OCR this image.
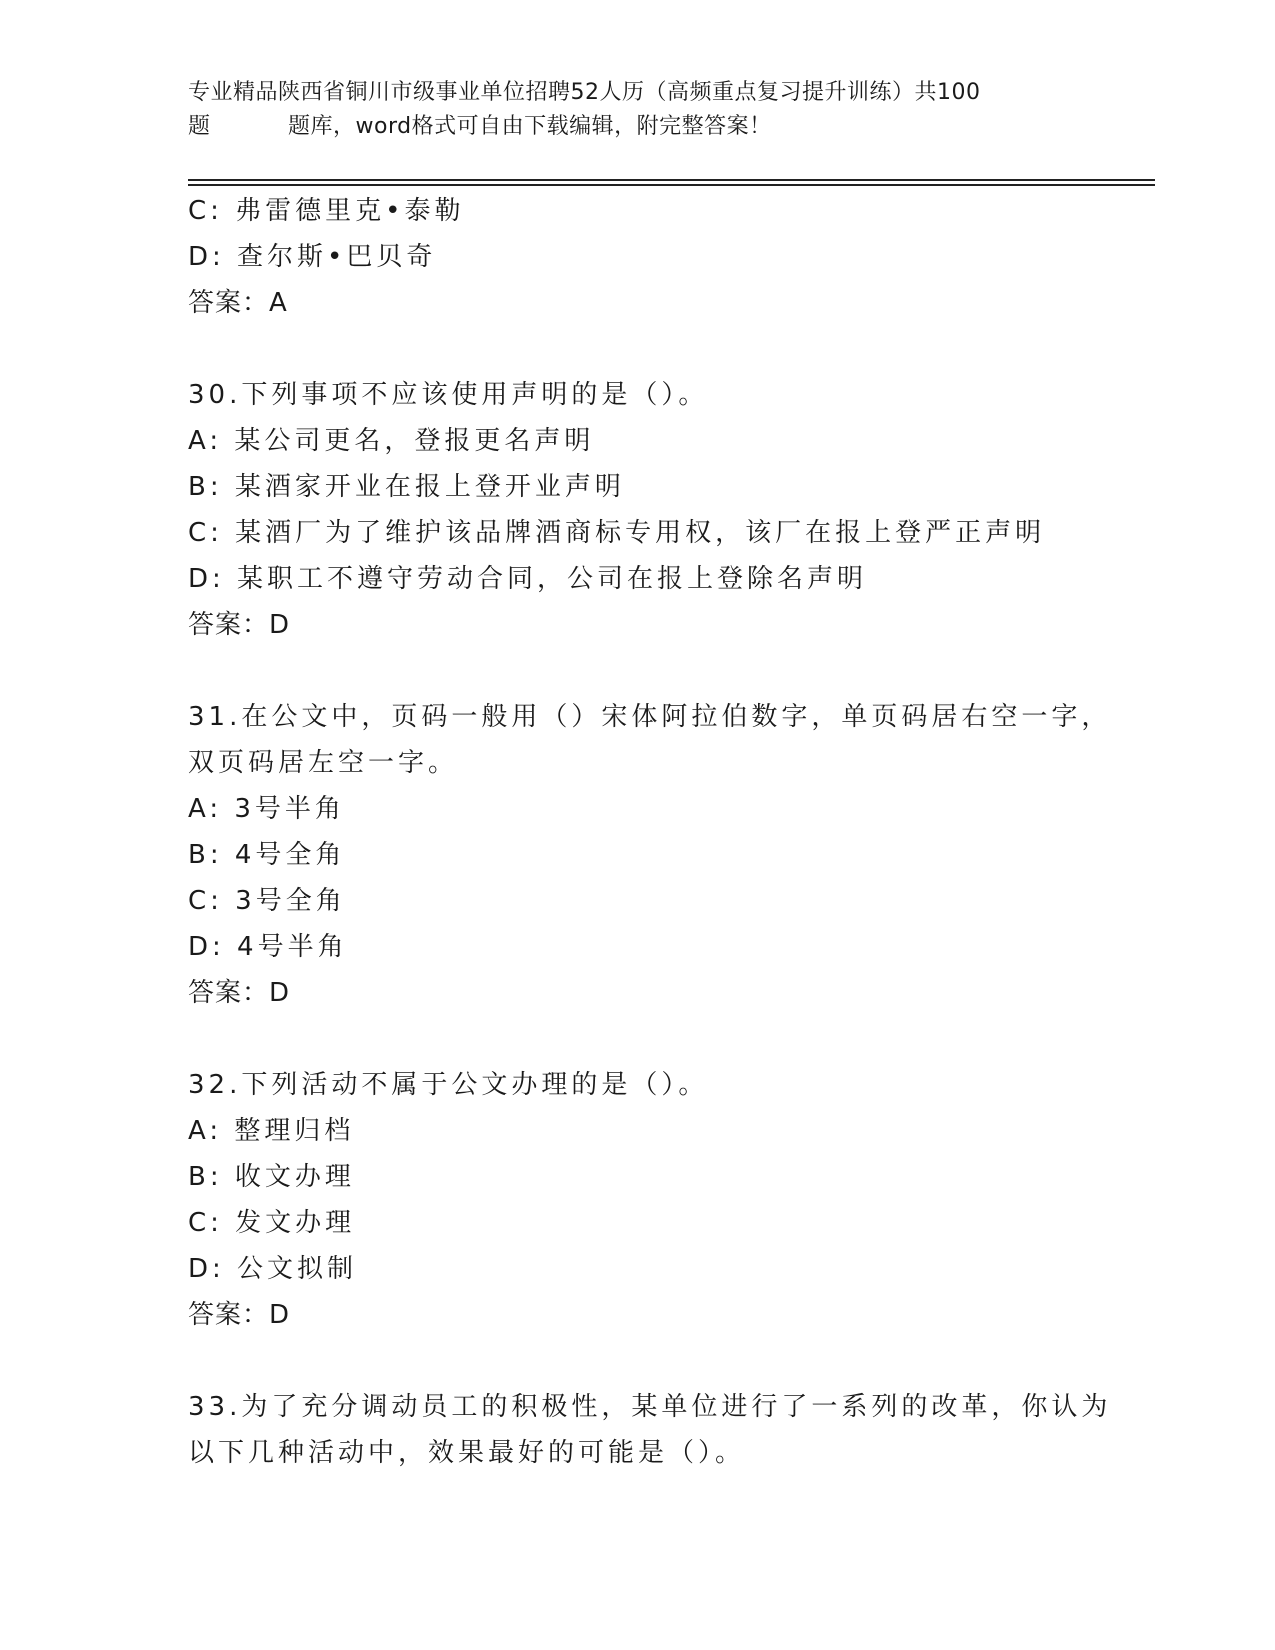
专业精品陕西省铜川市级事业单位招聘52人历（高频重点复习提升训练）共100
题	题库，word格式可自由下载编辑，附完整答案！
C: 弗雷德里克•泰勒
D: 查尔斯•巴贝奇
答案：A
30.下列事项不应该使用声明的是（）。
A: 某公司更名，登报更名声明
B: 某酒家开业在报上登开业声明
C: 某酒厂为了维护该品牌酒商标专用权，该厂在报上登严正声明
D: 某职工不遵守劳动合同，公司在报上登除名声明
答案：D
31.在公文中，页码一般用（）宋体阿拉伯数字，单页码居右空一字，
双页码居左空一字。
A: 3号半角
B: 4号全角
C: 3号全角
D: 4号半角
答案：D
32.下列活动不属于公文办理的是（）。
A: 整理归档
B: 收文办理
C: 发文办理
D: 公文拟制
答案：D
33.为了充分调动员工的积极性，某单位进行了一系列的改革，你认为
以下几种活动中，效果最好的可能是（）。
